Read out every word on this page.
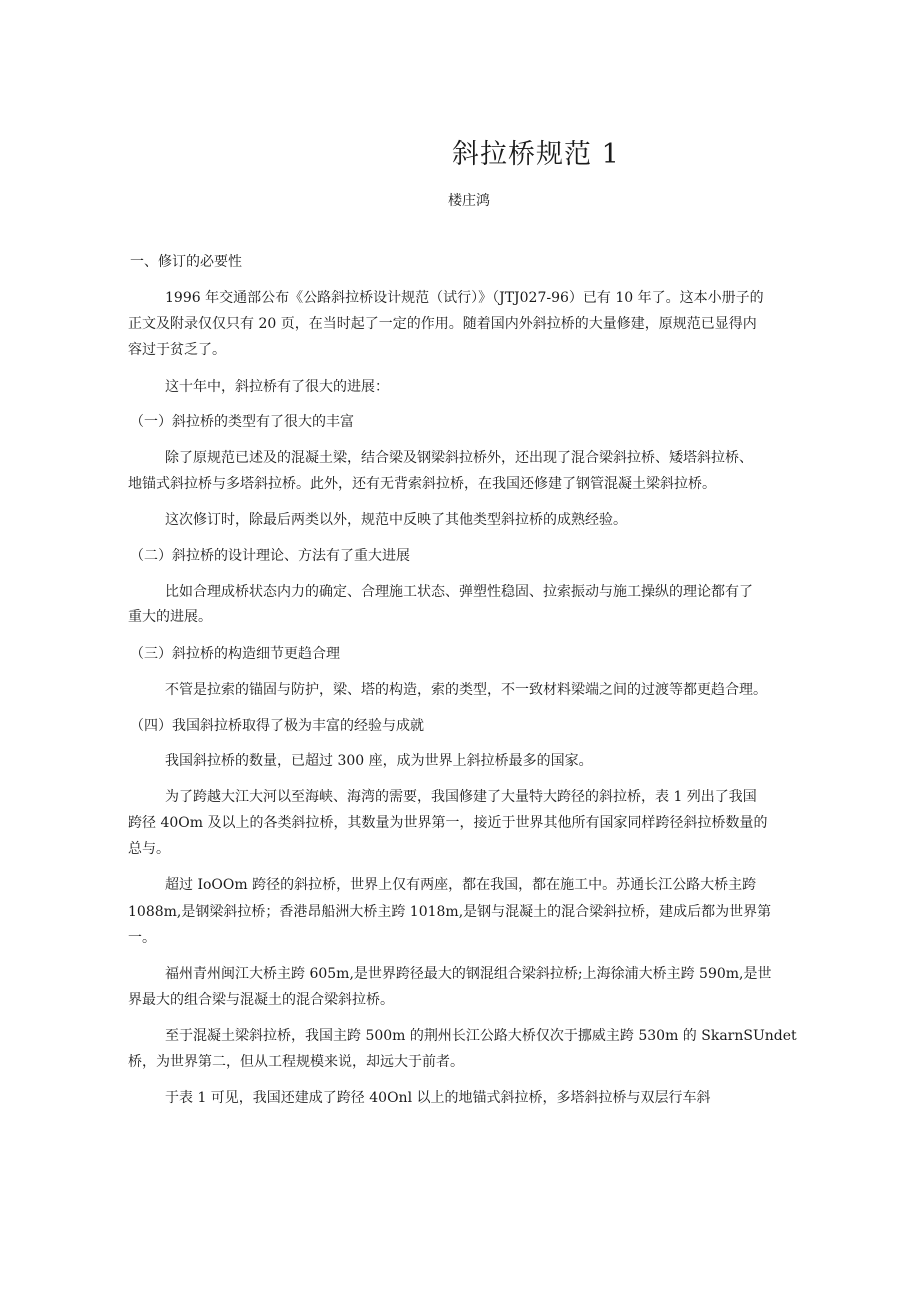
斜拉桥规范 1
楼庄鸿
一、修订的必要性
1996 年交通部公布《公路斜拉桥设计规范（试行）》（JTJ027-96）已有 10 年了。这本小册子的
正文及附录仅仅只有 20 页，在当时起了一定的作用。随着国内外斜拉桥的大量修建，原规范已显得内
容过于贫乏了。
这十年中，斜拉桥有了很大的进展：
（一）斜拉桥的类型有了很大的丰富
除了原规范已述及的混凝土梁，结合梁及钢梁斜拉桥外，还出现了混合梁斜拉桥、矮塔斜拉桥、
地锚式斜拉桥与多塔斜拉桥。此外，还有无背索斜拉桥，在我国还修建了钢管混凝土梁斜拉桥。
这次修订时，除最后两类以外，规范中反映了其他类型斜拉桥的成熟经验。
（二）斜拉桥的设计理论、方法有了重大进展
比如合理成桥状态内力的确定、合理施工状态、弹塑性稳固、拉索振动与施工操纵的理论都有了
重大的进展。
（三）斜拉桥的构造细节更趋合理
不管是拉索的锚固与防护，梁、塔的构造，索的类型，不一致材料梁端之间的过渡等都更趋合理。
（四）我国斜拉桥取得了极为丰富的经验与成就
我国斜拉桥的数量，已超过 300 座，成为世界上斜拉桥最多的国家。
为了跨越大江大河以至海峡、海湾的需要，我国修建了大量特大跨径的斜拉桥，表 1 列出了我国
跨径 40Om 及以上的各类斜拉桥，其数量为世界第一，接近于世界其他所有国家同样跨径斜拉桥数量的
总与。
超过 IoOOm 跨径的斜拉桥，世界上仅有两座，都在我国，都在施工中。苏通长江公路大桥主跨
1088m,是钢梁斜拉桥；香港昂船洲大桥主跨 1018m,是钢与混凝土的混合梁斜拉桥，建成后都为世界第
一。
福州青州闽江大桥主跨 605m,是世界跨径最大的钢混组合梁斜拉桥;上海徐浦大桥主跨 590m,是世
界最大的组合梁与混凝土的混合梁斜拉桥。
至于混凝土梁斜拉桥，我国主跨 500m 的荆州长江公路大桥仅次于挪威主跨 530m 的 SkarnSUndet
桥，为世界第二，但从工程规模来说，却远大于前者。
于表 1 可见，我国还建成了跨径 40Onl 以上的地锚式斜拉桥，多塔斜拉桥与双层行车斜
